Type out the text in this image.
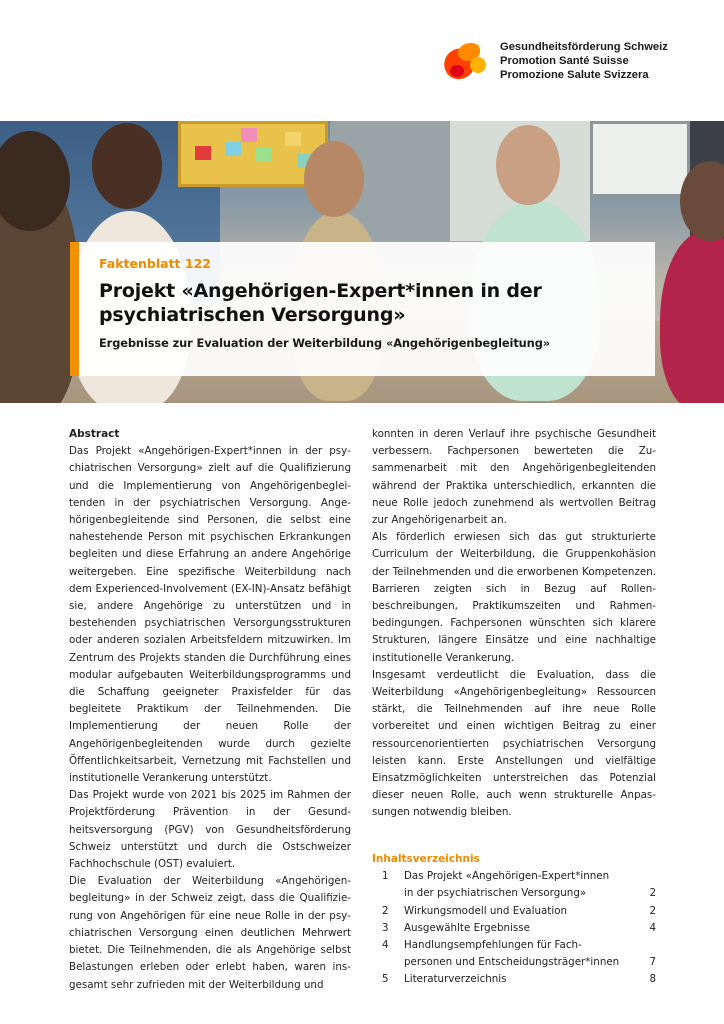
Gesundheitsförderung Schweiz
Promotion Santé Suisse
Promozione Salute Svizzera
Faktenblatt 122
Projekt «Angehörigen-Expert*innen in der
psychiatrischen Versorgung»
Ergebnisse zur Evaluation der Weiterbildung «Angehörigenbegleitung»

Abstract

Das Projekt «Angehörigen-Expert*innen in der psychiatrischen Versorgung» zielt auf die Qualifizierung und die Implementierung von Angehörigenbegleitenden in der psychiatrischen Versorgung. Angehörigenbegleitende sind Personen, die selbst eine nahestehende Person mit psychischen Erkrankungen begleiten und diese Erfahrung an andere Angehörige weitergeben. Eine spezifische Weiterbildung nach dem Experienced-Involvement (EX-IN)-Ansatz befähigt sie, andere Angehörige zu unterstützen und in bestehenden psychiatrischen Versorgungsstrukturen oder anderen sozialen Arbeitsfeldern mitzuwirken. Im Zentrum des Projekts standen die Durchführung eines modular aufgebauten Weiterbildungsprogramms und die Schaffung geeigneter Praxisfelder für das begleitete Praktikum der Teilnehmenden. Die Implementierung der neuen Rolle der Angehörigenbegleitenden wurde durch gezielte Öffentlichkeitsarbeit, Vernetzung mit Fachstellen und institutionelle Verankerung unterstützt.

Das Projekt wurde von 2021 bis 2025 im Rahmen der Projektförderung Prävention in der Gesundheitsversorgung (PGV) von Gesundheitsförderung Schweiz unterstützt und durch die Ostschweizer Fachhochschule (OST) evaluiert.

Die Evaluation der Weiterbildung «Angehörigenbegleitung» in der Schweiz zeigt, dass die Qualifizierung von Angehörigen für eine neue Rolle in der psychiatrischen Versorgung einen deutlichen Mehrwert bietet. Die Teilnehmenden, die als Angehörige selbst Belastungen erleben oder erlebt haben, waren insgesamt sehr zufrieden mit der Weiterbildung und

konnten in deren Verlauf ihre psychische Gesundheit verbessern. Fachpersonen bewerteten die Zusammenarbeit mit den Angehörigenbegleitenden während der Praktika unterschiedlich, erkannten die neue Rolle jedoch zunehmend als wertvollen Beitrag zur Angehörigenarbeit an.

Als förderlich erwiesen sich das gut strukturierte Curriculum der Weiterbildung, die Gruppenkohäsion der Teilnehmenden und die erworbenen Kompetenzen. Barrieren zeigten sich in Bezug auf Rollenbeschreibungen, Praktikumszeiten und Rahmenbedingungen. Fachpersonen wünschten sich klarere Strukturen, längere Einsätze und eine nachhaltige institutionelle Verankerung.

Insgesamt verdeutlicht die Evaluation, dass die Weiterbildung «Angehörigenbegleitung» Ressourcen stärkt, die Teilnehmenden auf ihre neue Rolle vorbereitet und einen wichtigen Beitrag zu einer ressourcenorientierten psychiatrischen Versorgung leisten kann. Erste Anstellungen und vielfältige Einsatzmöglichkeiten unterstreichen das Potenzial dieser neuen Rolle, auch wenn strukturelle Anpassungen notwendig bleiben.

Inhaltsverzeichnis
1	Das Projekt «Angehörigen-Expert*innen
in der psychiatrischen Versorgung»	2
2	Wirkungsmodell und Evaluation	2
3	Ausgewählte Ergebnisse	4
4	Handlungsempfehlungen für Fach-
personen und Entscheidungsträger*innen	7
5	Literaturverzeichnis	8
